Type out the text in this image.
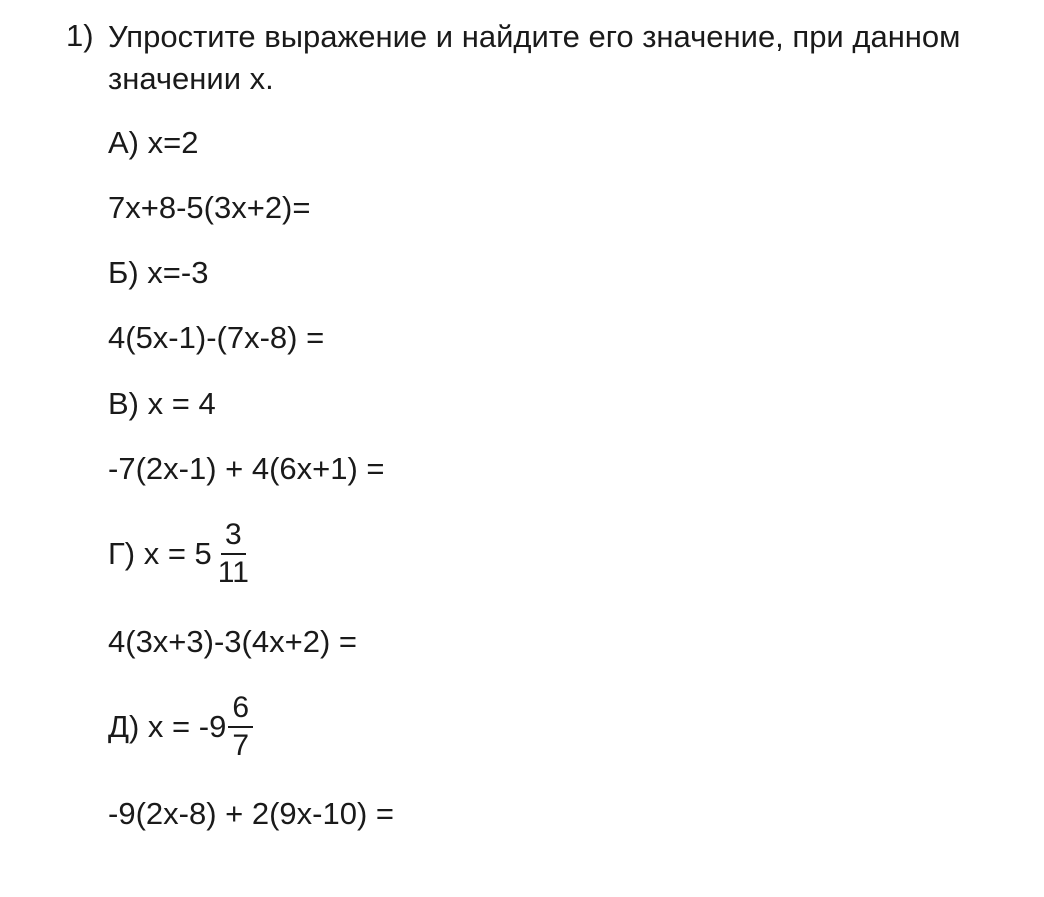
1) Упростите выражение и найдите его значение, при данном значении х.
А) х=2
7х+8-5(3х+2)=
Б) х=-3
4(5х-1)-(7х-8) =
В) х = 4
-7(2х-1) + 4(6х+1) =
Г) $х = 5 \frac{3}{11}$
4(3х+3)-3(4х+2) =
Д) $х = -9 \frac{6}{7}$
-9(2х-8) + 2(9х-10) =
